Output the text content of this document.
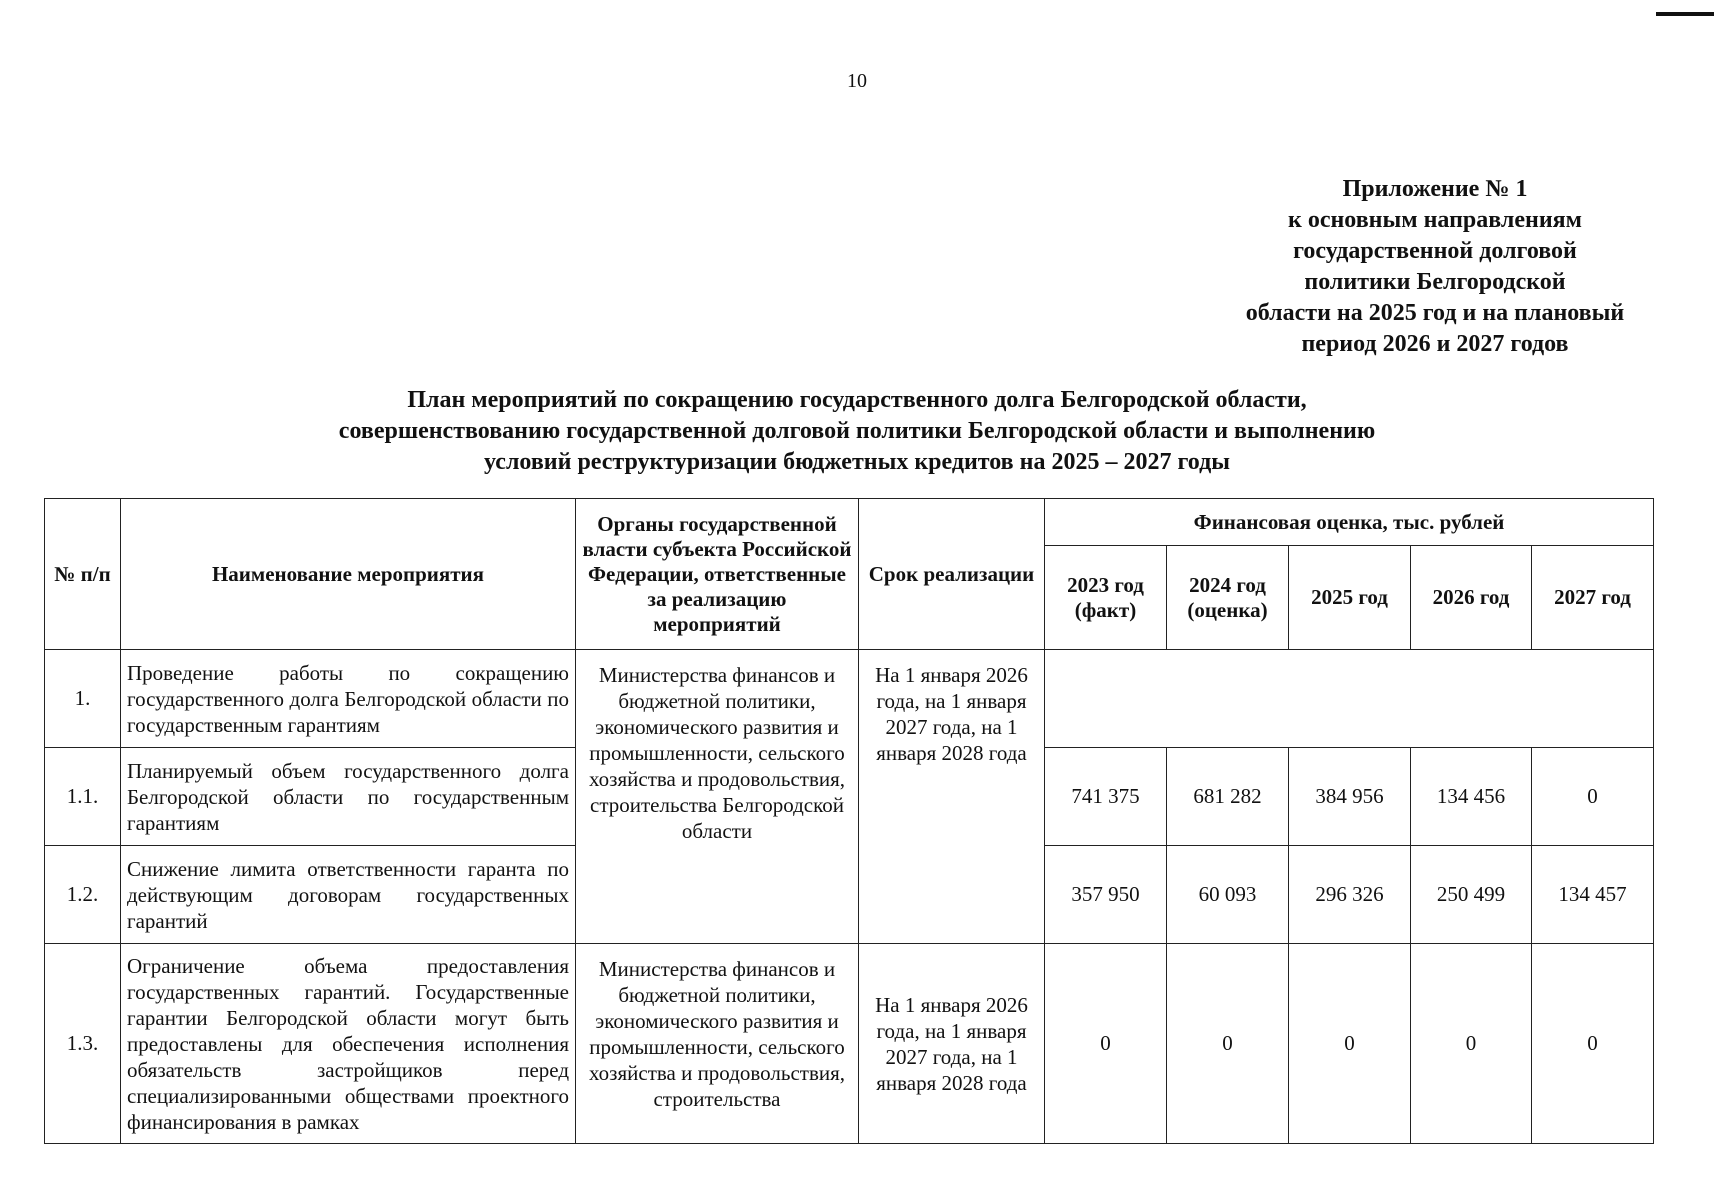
10
Приложение № 1
к основным направлениям
государственной долговой
политики Белгородской
области на 2025 год и на плановый
период 2026 и 2027 годов
План мероприятий по сокращению государственного долга Белгородской области,
совершенствованию государственной долговой политики Белгородской области и выполнению
условий реструктуризации бюджетных кредитов на 2025 – 2027 годы
№ п/п	Наименование мероприятия	Органы государственной власти субъекта Российской Федерации, ответственные за реализацию мероприятий	Срок реализации	Финансовая оценка, тыс. рублей				
				2023 год (факт)	2024 год (оценка)	2025 год	2026 год	2027 год
1.	Проведение работы по сокращению государственного долга Белгородской области по государственным гарантиям	Министерства финансов и бюджетной политики, экономического развития и промышленности, сельского хозяйства и продовольствия, строительства Белгородской области	На 1 января 2026 года, на 1 января 2027 года, на 1 января 2028 года					
1.1.	Планируемый объем государственного долга Белгородской области по государственным гарантиям			741 375	681 282	384 956	134 456	0
1.2.	Снижение лимита ответственности гаранта по действующим договорам государственных гарантий			357 950	60 093	296 326	250 499	134 457
1.3.	Ограничение объема предоставления государственных гарантий. Государственные гарантии Белгородской области могут быть предоставлены для обеспечения исполнения обязательств застройщиков перед специализированными обществами проектного финансирования в рамках	Министерства финансов и бюджетной политики, экономического развития и промышленности, сельского хозяйства и продовольствия, строительства	На 1 января 2026 года, на 1 января 2027 года, на 1 января 2028 года	0	0	0	0	0
